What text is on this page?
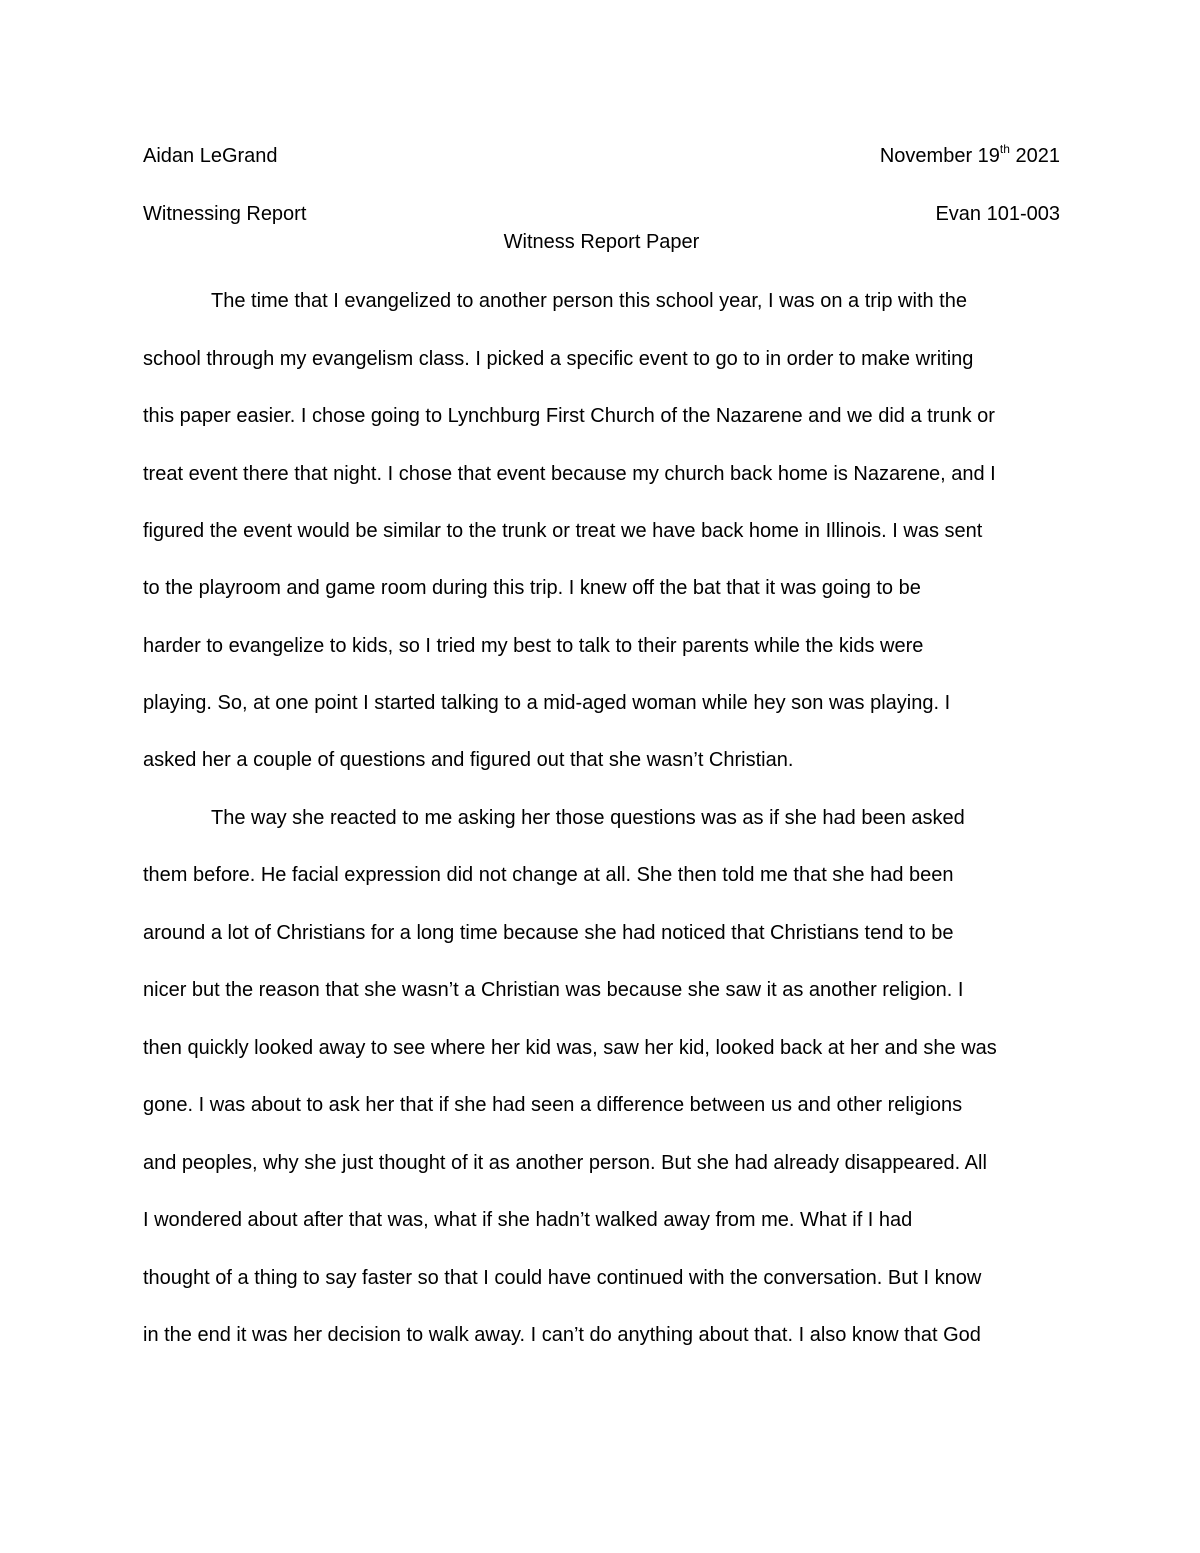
Aidan LeGrand	November 19th 2021
Witnessing Report	Evan 101-003
Witness Report Paper
The time that I evangelized to another person this school year, I was on a trip with the
school through my evangelism class. I picked a specific event to go to in order to make writing
this paper easier. I chose going to Lynchburg First Church of the Nazarene and we did a trunk or
treat event there that night. I chose that event because my church back home is Nazarene, and I
figured the event would be similar to the trunk or treat we have back home in Illinois. I was sent
to the playroom and game room during this trip. I knew off the bat that it was going to be
harder to evangelize to kids, so I tried my best to talk to their parents while the kids were
playing. So, at one point I started talking to a mid-aged woman while hey son was playing. I
asked her a couple of questions and figured out that she wasn’t Christian.
The way she reacted to me asking her those questions was as if she had been asked
them before. He facial expression did not change at all. She then told me that she had been
around a lot of Christians for a long time because she had noticed that Christians tend to be
nicer but the reason that she wasn’t a Christian was because she saw it as another religion. I
then quickly looked away to see where her kid was, saw her kid, looked back at her and she was
gone. I was about to ask her that if she had seen a difference between us and other religions
and peoples, why she just thought of it as another person. But she had already disappeared. All
I wondered about after that was, what if she hadn’t walked away from me. What if I had
thought of a thing to say faster so that I could have continued with the conversation. But I know
in the end it was her decision to walk away. I can’t do anything about that. I also know that God
